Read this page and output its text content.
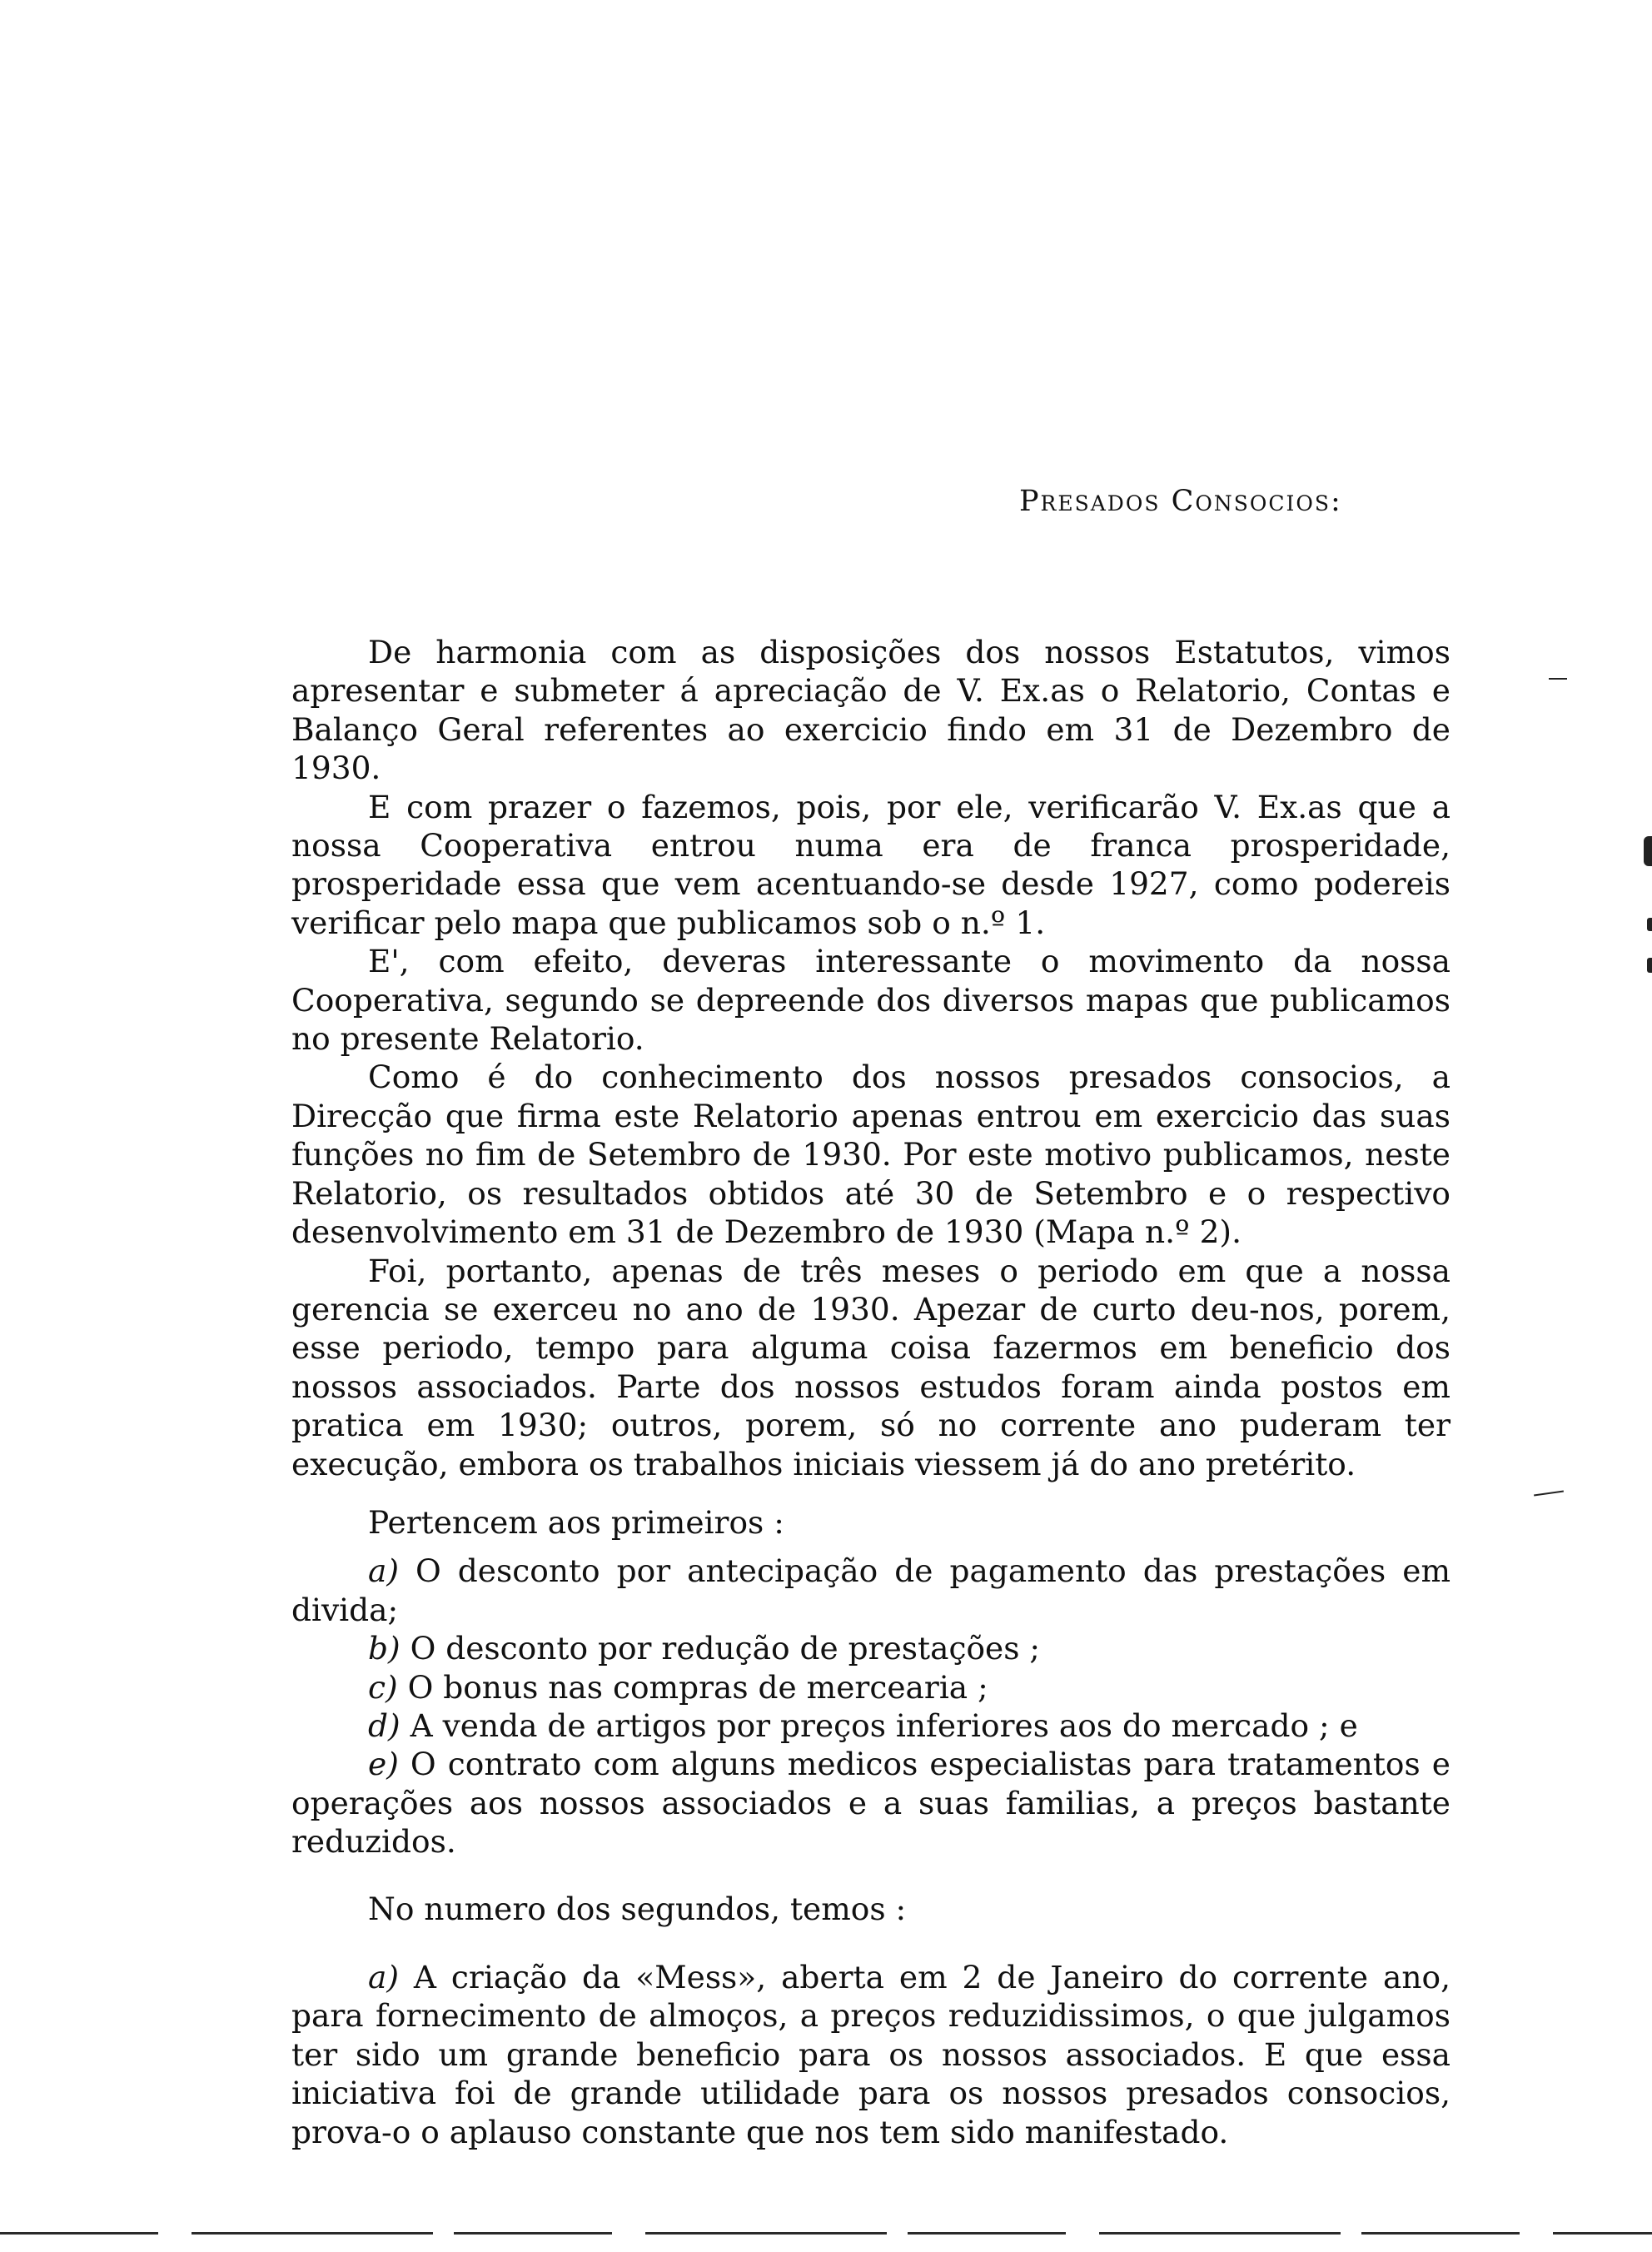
Presados Consocios:

De harmonia com as disposições dos nossos Estatutos, vimos apresentar e submeter á apreciação de V. Ex.as o Relatorio, Contas e Balanço Geral referentes ao exercicio findo em 31 de Dezembro de 1930.

E com prazer o fazemos, pois, por ele, verificarão V. Ex.as que a nossa Cooperativa entrou numa era de franca prosperidade, prosperidade essa que vem acentuando-se desde 1927, como podereis verificar pelo mapa que publicamos sob o n.º 1.

E', com efeito, deveras interessante o movimento da nossa Cooperativa, segundo se depreende dos diversos mapas que publicamos no presente Relatorio.

Como é do conhecimento dos nossos presados consocios, a Direcção que firma este Relatorio apenas entrou em exercicio das suas funções no fim de Setembro de 1930. Por este motivo publicamos, neste Relatorio, os resultados obtidos até 30 de Setembro e o respectivo desenvolvimento em 31 de Dezembro de 1930 (Mapa n.º 2).

Foi, portanto, apenas de três meses o periodo em que a nossa gerencia se exerceu no ano de 1930. Apezar de curto deu-nos, porem, esse periodo, tempo para alguma coisa fazermos em beneficio dos nossos associados. Parte dos nossos estudos foram ainda postos em pratica em 1930; outros, porem, só no corrente ano puderam ter execução, embora os trabalhos iniciais viessem já do ano pretérito.

Pertencem aos primeiros :
a) O desconto por antecipação de pagamento das prestações em divida;
b) O desconto por redução de prestações ;
c) O bonus nas compras de mercearia ;
d) A venda de artigos por preços inferiores aos do mercado ; e
e) O contrato com alguns medicos especialistas para tratamentos e operações aos nossos associados e a suas familias, a preços bastante reduzidos.
No numero dos segundos, temos :
a) A criação da «Mess», aberta em 2 de Janeiro do corrente ano, para fornecimento de almoços, a preços reduzidissimos, o que julgamos ter sido um grande beneficio para os nossos associados. E que essa iniciativa foi de grande utilidade para os nossos presados consocios, prova-o o aplauso constante que nos tem sido manifestado.
